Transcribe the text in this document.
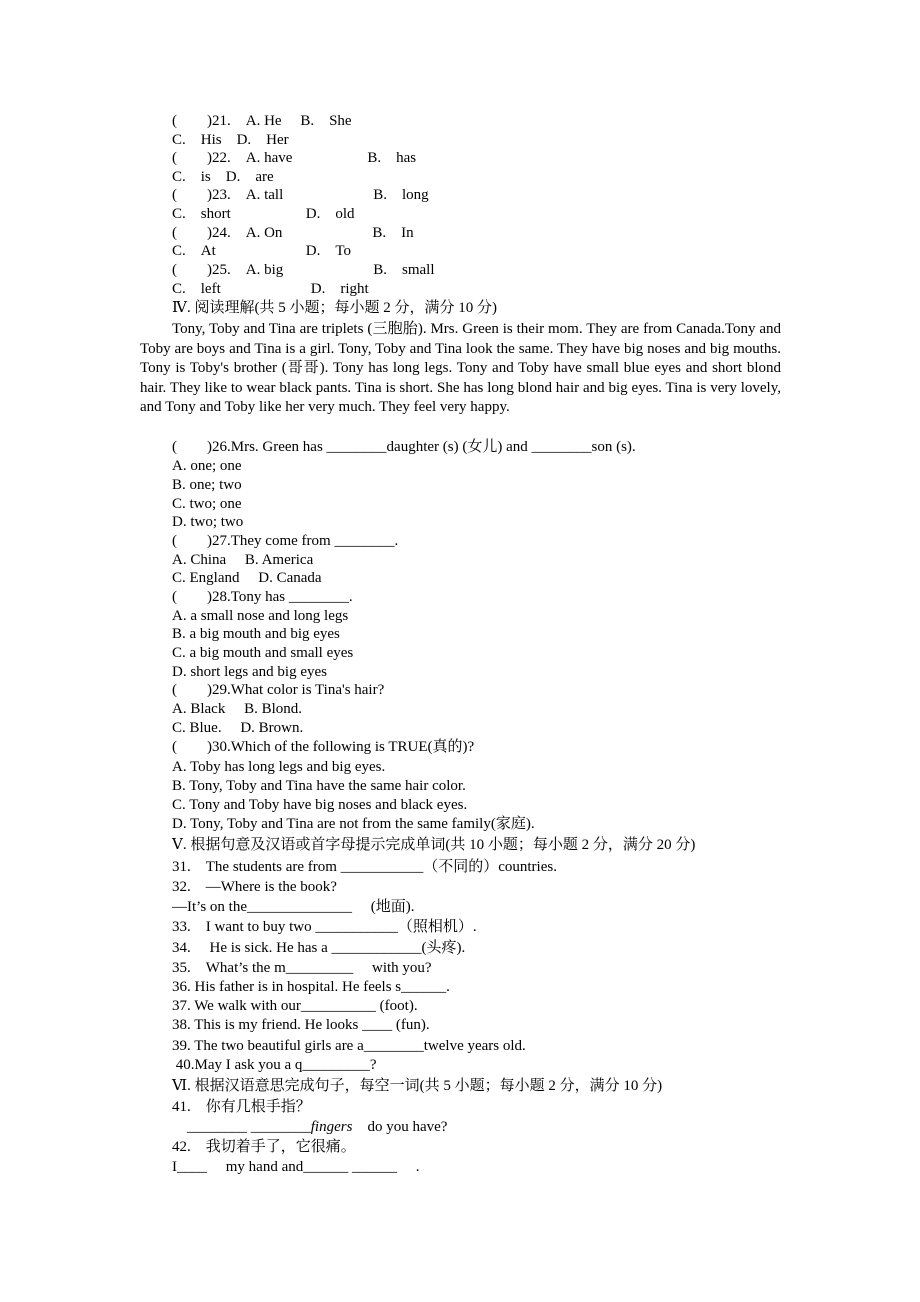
(　　)21.　A. He　 B.　She
C.　His　D.　Her
(　　)22.　A. have　　　　　B.　has
C.　is　D.　are
(　　)23.　A. tall　　　　　　B.　long
C.　short　　　　　D.　old
(　　)24.　A. On　　　　　　B.　In
C.　At　　　　　　D.　To
(　　)25.　A. big　　　　　　B.　small
C.　left　　　　　　D.　right
Ⅳ. 阅读理解(共 5 小题；每小题 2 分，满分 10 分)
Tony, Toby and Tina are triplets (三胞胎). Mrs. Green is their mom. They are from Canada.Tony and Toby are boys and Tina is a girl. Tony, Toby and Tina look the same. They have big noses and big mouths. Tony is Toby's brother (哥哥). Tony has long legs. Tony and Toby have small blue eyes and short blond hair. They like to wear black pants. Tina is short. She has long blond hair and big eyes. Tina is very lovely, and Tony and Toby like her very much. They feel very happy.
(　　)26.Mrs. Green has ________daughter (s) (女儿) and ________son (s).
A. one; one
B. one; two
C. two; one
D. two; two
(　　)27.They come from ________.
A. China　 B. America
C. England　 D. Canada
(　　)28.Tony has ________.
A. a small nose and long legs
B. a big mouth and big eyes
C. a big mouth and small eyes
D. short legs and big eyes
(　　)29.What color is Tina's hair?
A. Black　 B. Blond.
C. Blue.　 D. Brown.
(　　)30.Which of the following is TRUE(真的)?
A. Toby has long legs and big eyes.
B. Tony, Toby and Tina have the same hair color.
C. Tony and Toby have big noses and black eyes.
D. Tony, Toby and Tina are not from the same family(家庭).
Ⅴ. 根据句意及汉语或首字母提示完成单词(共 10 小题；每小题 2 分，满分 20 分)
31.　The students are from ___________（不同的）countries.
32.　—Where is the book?
—It’s on the______________　 (地面).
33.　I want to buy two ___________（照相机）.
34.　 He is sick. He has a ____________(头疼).
35.　What’s the m_________　 with you?
36. His father is in hospital. He feels s______.
37. We walk with our__________ (foot).
38. This is my friend. He looks ____ (fun).
39. The two beautiful girls are a________twelve years old.
40.May I ask you a q_________?
Ⅵ. 根据汉语意思完成句子，每空一词(共 5 小题；每小题 2 分，满分 10 分)
41.　你有几根手指？
　________ ________fingers　do you have?
42.　我切着手了，它很痛。
I____　 my hand and______ ______　 .
